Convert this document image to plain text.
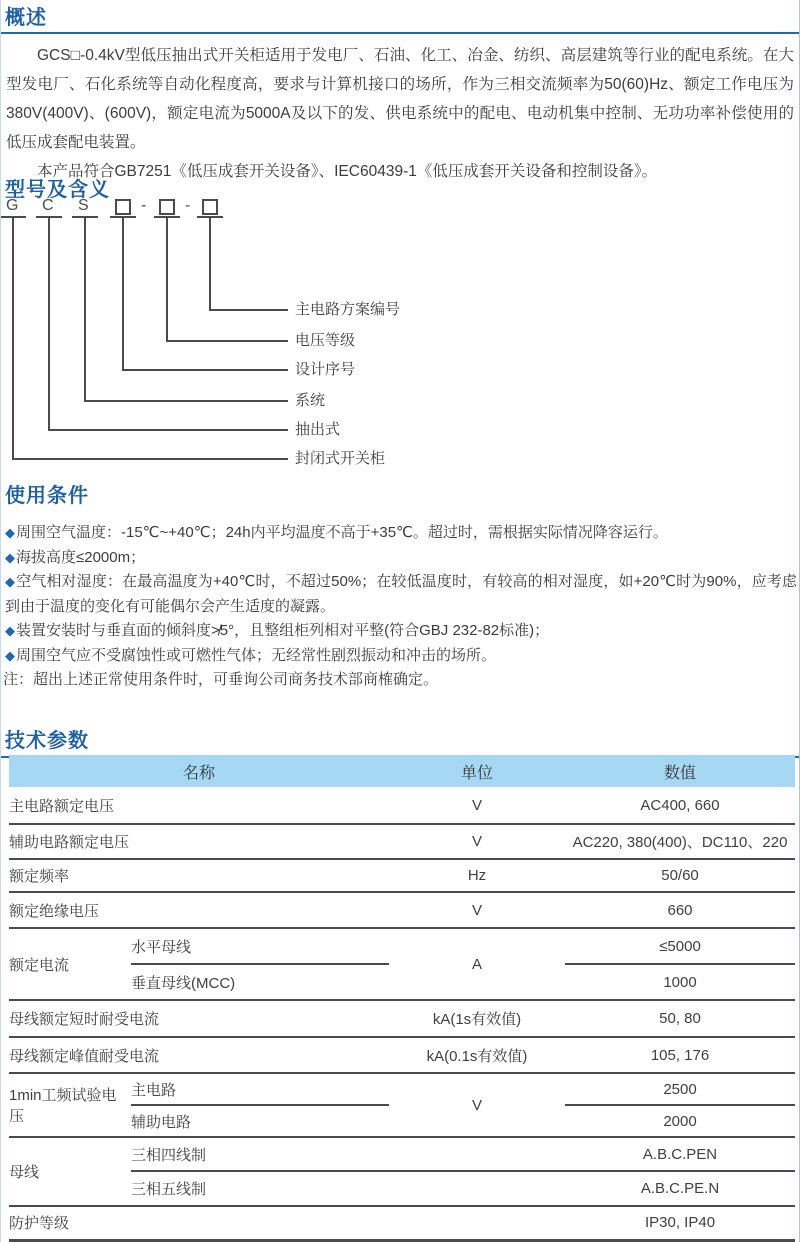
概述

GCS□-0.4kV型低压抽出式开关柜适用于发电厂、石油、化工、冶金、纺织、高层建筑等行业的配电系统。在大型发电厂、石化系统等自动化程度高，要求与计算机接口的场所，作为三相交流频率为50(60)Hz、额定工作电压为380V(400V)、(600V)，额定电流为5000A及以下的发、供电系统中的配电、电动机集中控制、无功功率补偿使用的低压成套配电装置。

本产品符合GB7251《低压成套开关设备》、IEC60439-1《低压成套开关设备和控制设备》。

型号及含义
G C S	- -
主电路方案编号
电压等级
设计序号
系统
抽出式
封闭式开关柜
使用条件
◆周围空气温度：-15℃~+40℃；24h内平均温度不高于+35℃。超过时，需根据实际情况降容运行。
◆海拔高度≤2000m；
◆空气相对湿度：在最高温度为+40℃时，不超过50%；在较低温度时，有较高的相对湿度，如+20℃时为90%，应考虑到由于温度的变化有可能偶尔会产生适度的凝露。
◆装置安装时与垂直面的倾斜度≯5°，且整组柜列相对平整(符合GBJ 232-82标准)；
◆周围空气应不受腐蚀性或可燃性气体；无经常性剧烈振动和冲击的场所。
注：超出上述正常使用条件时，可垂询公司商务技术部商榷确定。
技术参数
名称		单位	数值
主电路额定电压		V	AC400, 660
辅助电路额定电压		V	AC220, 380(400)、DC110、220
额定频率		Hz	50/60
额定绝缘电压		V	660
额定电流	水平母线	A	≤5000
	垂直母线(MCC)		1000
母线额定短时耐受电流		kA(1s有效值)	50, 80
母线额定峰值耐受电流		kA(0.1s有效值)	105, 176
1min工频试验电压	主电路	V	2500
	辅助电路		2000
母线	三相四线制		A.B.C.PEN
	三相五线制		A.B.C.PE.N
防护等级			IP30, IP40
